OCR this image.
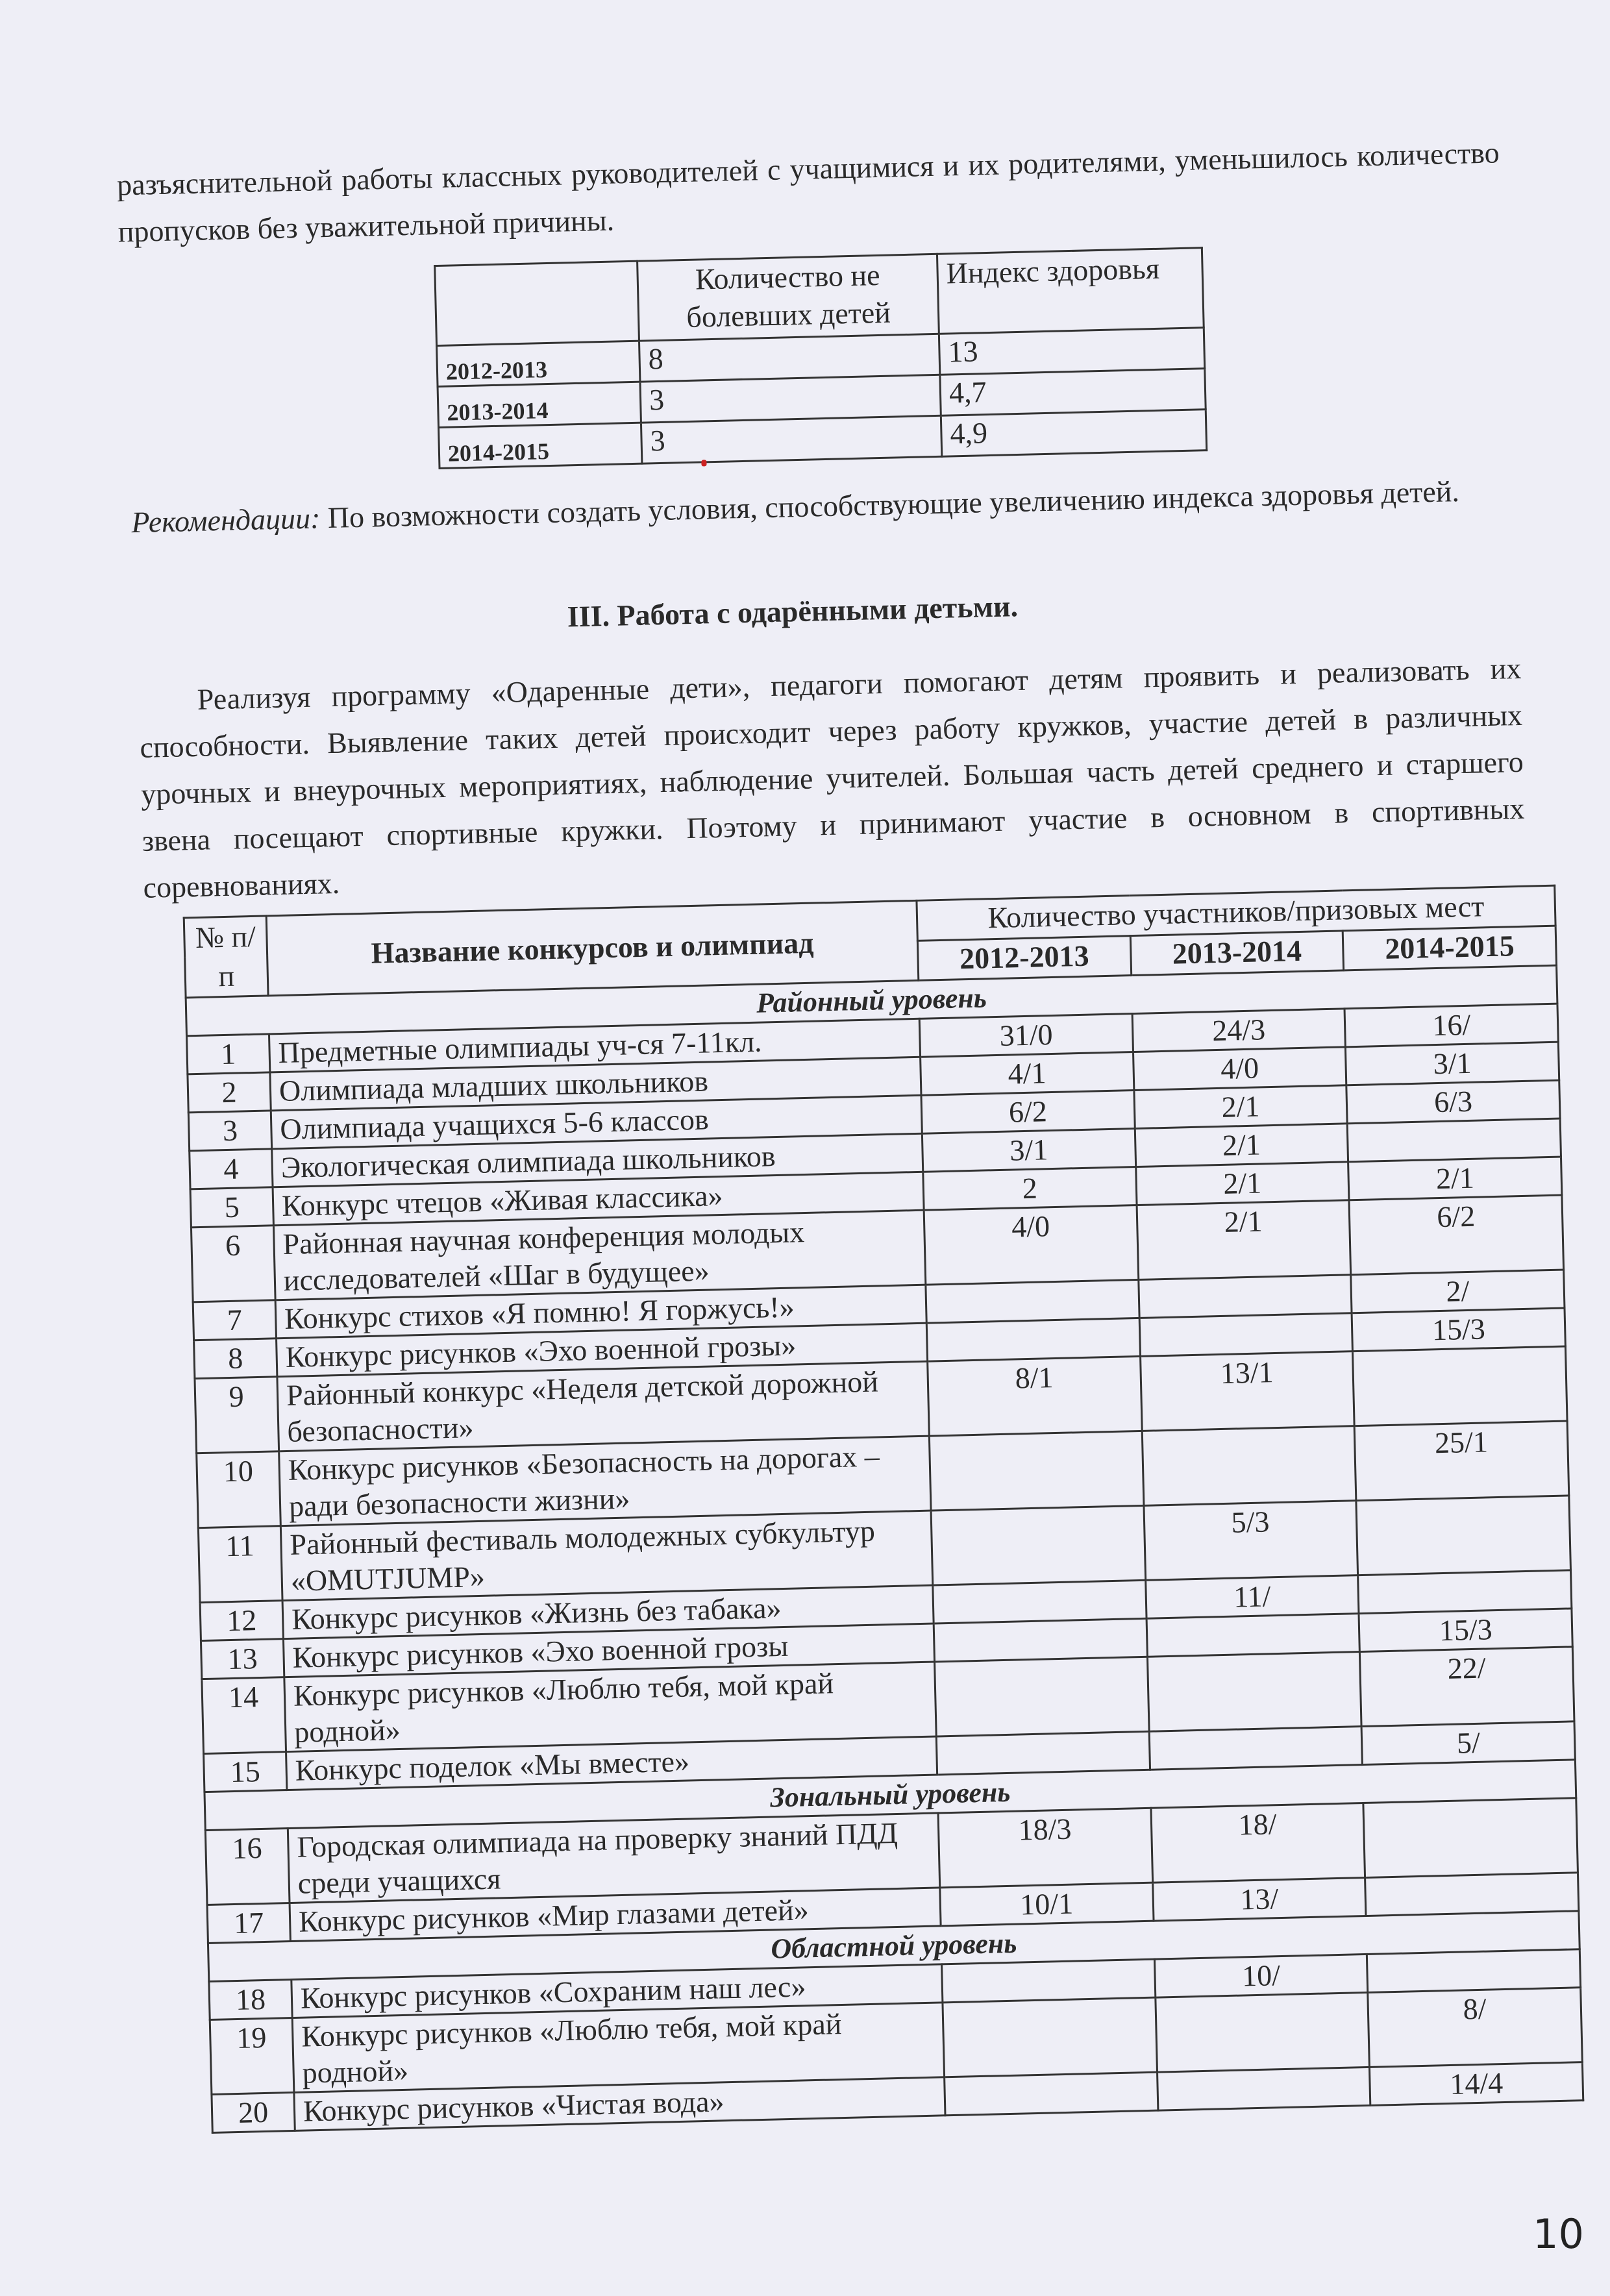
разъяснительной работы классных руководителей с учащимися и их родителями, уменьшилось количество пропусков без уважительной причины.
	Количество не болевших детей	Индекс здоровья
2012-2013	8	13
2013-2014	3	4,7
2014-2015	3	4,9
Рекомендации: По возможности создать условия, способствующие увеличению индекса здоровья детей.
III. Работа с одарёнными детьми.
Реализуя программу «Одаренные дети», педагоги помогают детям проявить и реализовать их способности. Выявление таких детей происходит через работу кружков, участие детей в различных урочных и внеурочных мероприятиях, наблюдение учителей. Большая часть детей среднего и старшего звена посещают спортивные кружки. Поэтому и принимают участие в основном в спортивных соревнованиях.
№ п/п	Название конкурсов и олимпиад	Количество участников/призовых мест		
		2012-2013	2013-2014	2014-2015
Районный уровень				
1	Предметные олимпиады уч-ся 7-11кл.	31/0	24/3	16/
2	Олимпиада младших школьников	4/1	4/0	3/1
3	Олимпиада учащихся 5-6 классов	6/2	2/1	6/3
4	Экологическая олимпиада школьников	3/1	2/1	
5	Конкурс чтецов «Живая классика»	2	2/1	2/1
6	Районная научная конференция молодых исследователей «Шаг в будущее»	4/0	2/1	6/2
7	Конкурс стихов «Я помню! Я горжусь!»			2/
8	Конкурс рисунков «Эхо военной грозы»			15/3
9	Районный конкурс «Неделя детской дорожной безопасности»	8/1	13/1	
10	Конкурс рисунков «Безопасность на дорогах – ради безопасности жизни»			25/1
11	Районный фестиваль молодежных субкультур «OMUTJUMP»		5/3	
12	Конкурс рисунков «Жизнь без табака»		11/	
13	Конкурс рисунков «Эхо военной грозы			15/3
14	Конкурс рисунков «Люблю тебя, мой край родной»			22/
15	Конкурс поделок «Мы вместе»			5/
Зональный уровень				
16	Городская олимпиада на проверку знаний ПДД среди учащихся	18/3	18/	
17	Конкурс рисунков «Мир глазами детей»	10/1	13/	
Областной уровень				
18	Конкурс рисунков «Сохраним наш лес»		10/	
19	Конкурс рисунков «Люблю тебя, мой край родной»			8/
20	Конкурс рисунков «Чистая вода»			14/4
10
